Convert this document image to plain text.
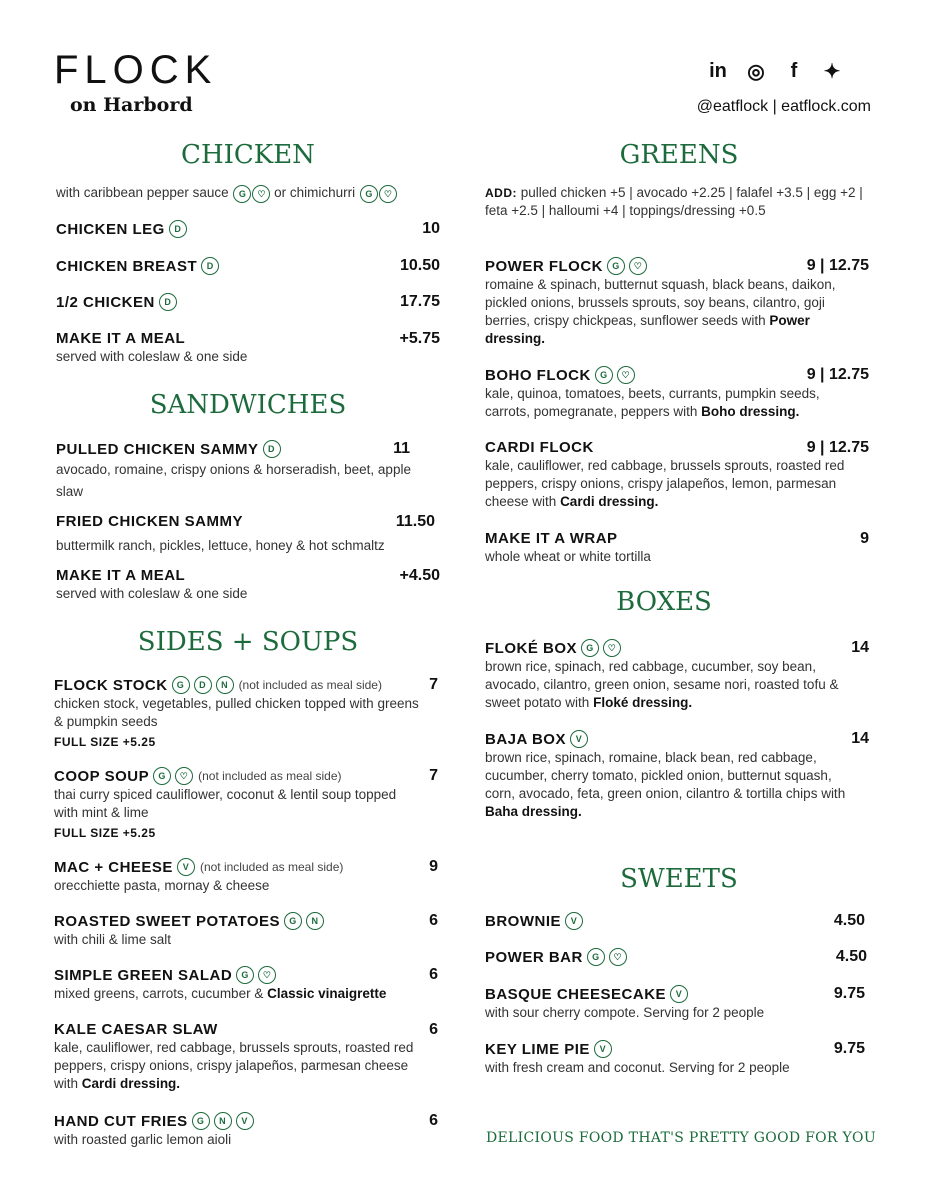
FLOCK
on Harbord
in ◎	f	✦
@eatflock | eatflock.com
CHICKEN
with caribbean pepper sauce G ♡ or chimichurri G ♡
CHICKEN LEG	D	10
CHICKEN BREAST	D	10.50
1/2 CHICKEN	D	17.75
MAKE IT A MEAL	+5.75
served with coleslaw & one side
SANDWICHES
PULLED CHICKEN SAMMY	D	11
avocado, romaine, crispy onions & horseradish, beet, apple slaw
FRIED CHICKEN SAMMY	11.50
buttermilk ranch, pickles, lettuce, honey & hot schmaltz
MAKE IT A MEAL	+4.50
served with coleslaw & one side
SIDES + SOUPS
FLOCK STOCK	G	D	N (not included as meal side)	7
chicken stock, vegetables, pulled chicken topped with greens & pumpkin seeds
FULL SIZE +5.25
COOP SOUP	G	♡ (not included as meal side)	7
thai curry spiced cauliflower, coconut & lentil soup topped with mint & lime
FULL SIZE +5.25
MAC + CHEESE	V (not included as meal side)	9
orecchiette pasta, mornay & cheese
ROASTED SWEET POTATOES	G	N	6
with chili & lime salt
SIMPLE GREEN SALAD	G	♡	6
mixed greens, carrots, cucumber & Classic vinaigrette
KALE CAESAR SLAW	6
kale, cauliflower, red cabbage, brussels sprouts, roasted red peppers, crispy onions, crispy jalapeños, parmesan cheese with Cardi dressing.
HAND CUT FRIES	G	N	V	6
with roasted garlic lemon aioli
GREENS
ADD: pulled chicken +5 | avocado +2.25 | falafel +3.5 | egg +2 | feta +2.5 | halloumi +4 | toppings/dressing +0.5
POWER FLOCK	G	♡	9 | 12.75
romaine & spinach, butternut squash, black beans, daikon, pickled onions, brussels sprouts, soy beans, cilantro, goji berries, crispy chickpeas, sunflower seeds with Power dressing.
BOHO FLOCK	G	♡	9 | 12.75
kale, quinoa, tomatoes, beets, currants, pumpkin seeds, carrots, pomegranate, peppers with Boho dressing.
CARDI FLOCK	9 | 12.75
kale, cauliflower, red cabbage, brussels sprouts, roasted red peppers, crispy onions, crispy jalapeños, lemon, parmesan cheese with Cardi dressing.
MAKE IT A WRAP	9
whole wheat or white tortilla
BOXES
FLOKÉ BOX	G	♡	14
brown rice, spinach, red cabbage, cucumber, soy bean, avocado, cilantro, green onion, sesame nori, roasted tofu & sweet potato with Floké dressing.
BAJA BOX	V	14
brown rice, spinach, romaine, black bean, red cabbage, cucumber, cherry tomato, pickled onion, butternut squash, corn, avocado, feta, green onion, cilantro & tortilla chips with Baha dressing.
SWEETS
BROWNIE	V	4.50
POWER BAR	G	♡	4.50
BASQUE CHEESECAKE	V	9.75
with sour cherry compote. Serving for 2 people
KEY LIME PIE	V	9.75
with fresh cream and coconut. Serving for 2 people
DELICIOUS FOOD THAT'S PRETTY GOOD FOR YOU
